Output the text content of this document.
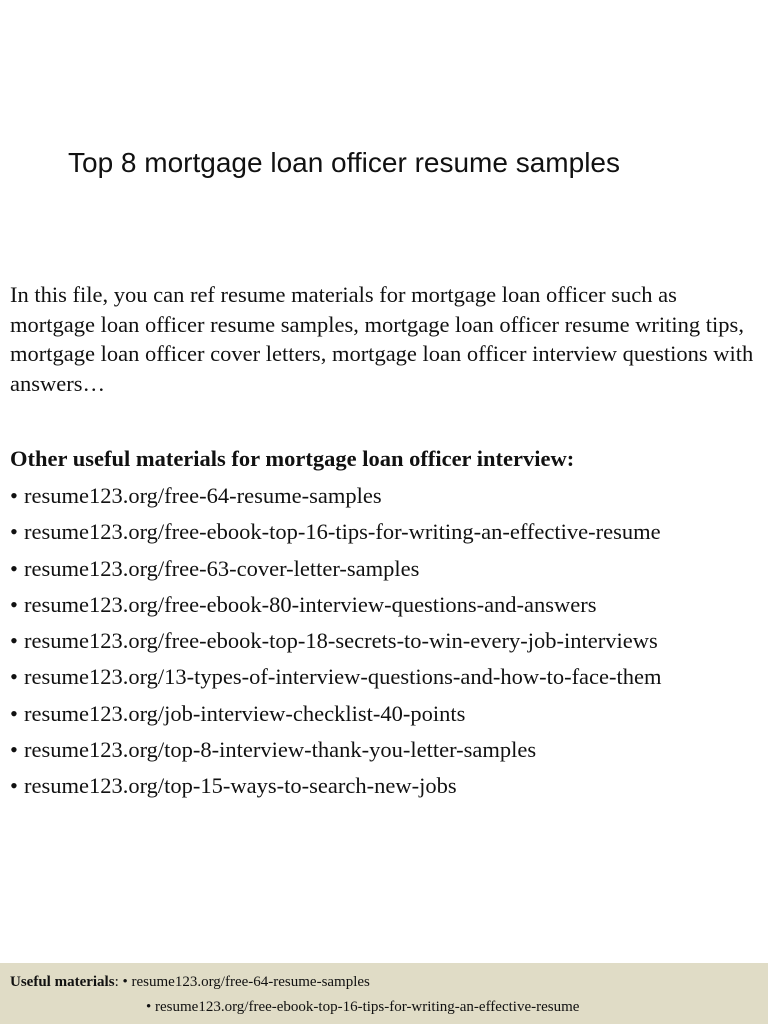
Top 8 mortgage loan officer resume samples

In this file, you can ref resume materials for mortgage loan officer such as mortgage loan officer resume samples, mortgage loan officer resume writing tips, mortgage loan officer cover letters, mortgage loan officer interview questions with answers…

Other useful materials for mortgage loan officer interview:

• resume123.org/free-64-resume-samples
• resume123.org/free-ebook-top-16-tips-for-writing-an-effective-resume
• resume123.org/free-63-cover-letter-samples
• resume123.org/free-ebook-80-interview-questions-and-answers
• resume123.org/free-ebook-top-18-secrets-to-win-every-job-interviews
• resume123.org/13-types-of-interview-questions-and-how-to-face-them
• resume123.org/job-interview-checklist-40-points
• resume123.org/top-8-interview-thank-you-letter-samples
• resume123.org/top-15-ways-to-search-new-jobs
Useful materials: • resume123.org/free-64-resume-samples
• resume123.org/free-ebook-top-16-tips-for-writing-an-effective-resume
